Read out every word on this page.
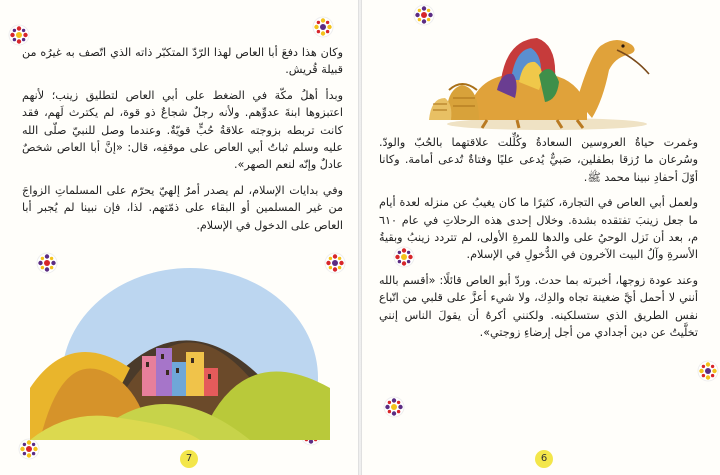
وكان هذا دفعَ أبا العاص لهذا الرّدّ المتكبّر ذاته الذي اتّصف به غيرُه من قبيلة قُريش.

وبدأ أهلُ مكّة في الضغط على أبي العاص لتطليق زينب؛ لأنهم اعتبزوها ابنةَ عدوِّهم. ولأنه رجلٌ شجاعٌ ذو قوة، لم يكترث لَهم، فقد كانت تربطه بزوجته علاقةُ حُبٍّ قويّةٌ. وعندما وصل للنبيّ صلّى الله عليه وسلم ثباتُ أبي العاص على موقفِه، قال: «إنَّ أبا العاص شخصٌ عادلٌ وإنّه لنعم الصهر».

وفي بدايات الإسلام، لم يصدر أمرٌ إلهيّ يحرّم على المسلماتِ الزواجَ من غير المسلمين أو البقاء على ذمّتهم. لذا، فإن نبينا لم يُجبر أبا العاص على الدخول في الإسلام.

7

وغمرت حياةُ العروسين السعادةُ وكُلِّلت علاقتهما بالحُبّ والودّ. وسُرعان ما رُزقا بطفلين، صَبيٌّ يُدعى عليًا وفتاةٌ تُدعى أمامة. وكانا أوّلَ أحفادِ نبينا محمد ﷺ.

ولعمل أبي العاص في التجارة، كثيرًا ما كان يغيبُ عن منزله لعدة أيام ما جعل زينبَ تفتقده بشدة. وخلال إحدى هذه الرحلاتِ في عام ٦١٠ م، بعد أن نَزل الوحيُ على والدها للمرةِ الأولى، لم تتردد زينبُ وبقيةُ الأسرةِ وآلُ البيت الآخرون في الدُّخولِ في الإسلام.

وعند عودة زوجها، أخبرته بما حدث. وردّ أبو العاص قائلًا: «أقسم بالله أنني لا أحمل أيَّ ضغينة تجاه والدِك، ولا شيء أعزَّ على قلبي من اتّباع نفس الطريق الذي ستسلكينه. ولكنني أكرهُ أن يقولَ الناس إنني تخلَّيتُ عن دين أجدادي من أجل إرضاءِ زوجتي».

6
